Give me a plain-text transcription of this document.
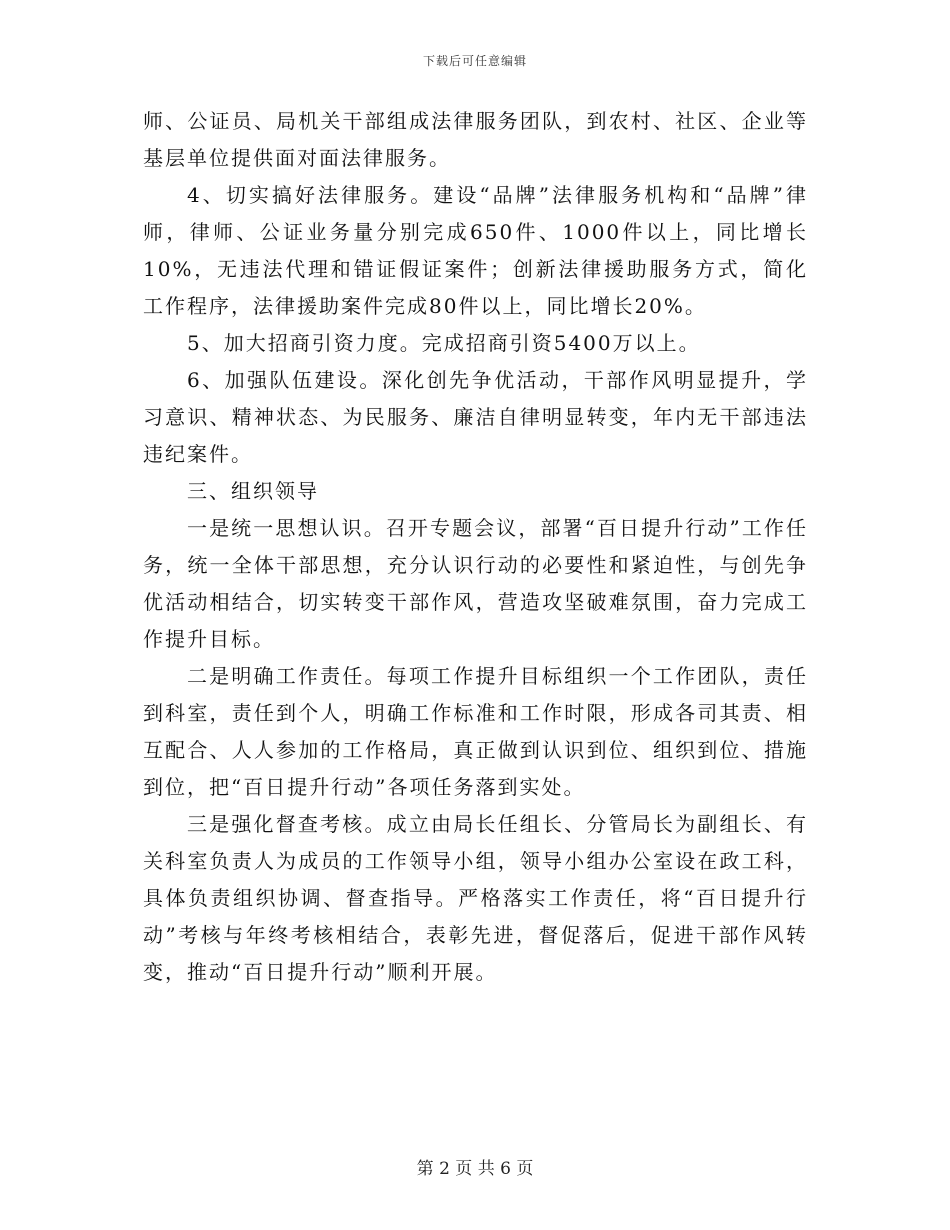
下载后可任意编辑

师、公证员、局机关干部组成法律服务团队，到农村、社区、企业等基层单位提供面对面法律服务。

4、切实搞好法律服务。建设“品牌”法律服务机构和“品牌”律师，律师、公证业务量分别完成650件、1000件以上，同比增长10%，无违法代理和错证假证案件；创新法律援助服务方式，简化工作程序，法律援助案件完成80件以上，同比增长20%。

5、加大招商引资力度。完成招商引资5400万以上。

6、加强队伍建设。深化创先争优活动，干部作风明显提升，学习意识、精神状态、为民服务、廉洁自律明显转变，年内无干部违法违纪案件。

三、组织领导

一是统一思想认识。召开专题会议，部署“百日提升行动”工作任务，统一全体干部思想，充分认识行动的必要性和紧迫性，与创先争优活动相结合，切实转变干部作风，营造攻坚破难氛围，奋力完成工作提升目标。

二是明确工作责任。每项工作提升目标组织一个工作团队，责任到科室，责任到个人，明确工作标准和工作时限，形成各司其责、相互配合、人人参加的工作格局，真正做到认识到位、组织到位、措施到位，把“百日提升行动”各项任务落到实处。

三是强化督查考核。成立由局长任组长、分管局长为副组长、有关科室负责人为成员的工作领导小组，领导小组办公室设在政工科，具体负责组织协调、督查指导。严格落实工作责任，将“百日提升行动”考核与年终考核相结合，表彰先进，督促落后，促进干部作风转变，推动“百日提升行动”顺利开展。

第 2 页 共 6 页
